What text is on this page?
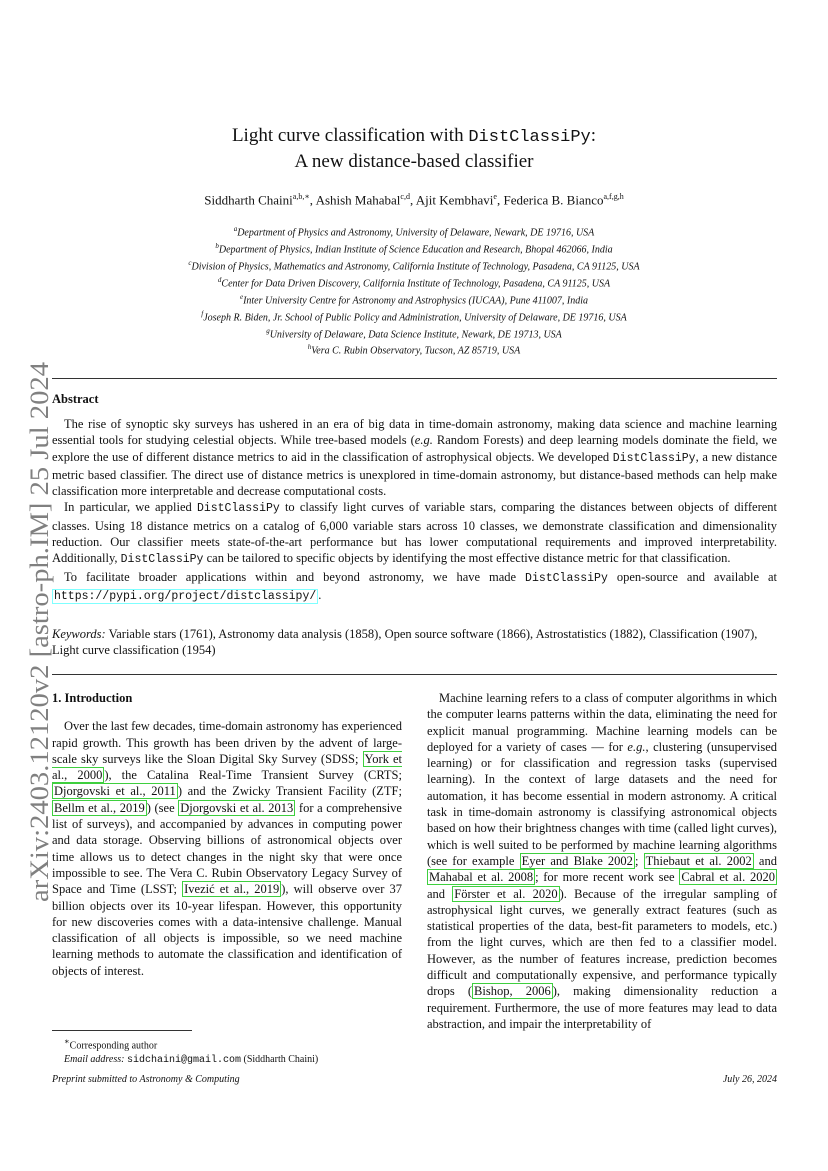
arXiv:2403.12120v2 [astro-ph.IM] 25 Jul 2024
Light curve classification with DistClassiPy:
A new distance-based classifier
Siddharth Chaini$^{a,b,∗}$, Ashish Mahabal$^{c,d}$, Ajit Kembhavi$^e$, Federica B. Bianco$^{a,f,g,h}$
$^a$Department of Physics and Astronomy, University of Delaware, Newark, DE 19716, USA
$^b$Department of Physics, Indian Institute of Science Education and Research, Bhopal 462066, India
$^c$Division of Physics, Mathematics and Astronomy, California Institute of Technology, Pasadena, CA 91125, USA
$^d$Center for Data Driven Discovery, California Institute of Technology, Pasadena, CA 91125, USA
$^e$Inter University Centre for Astronomy and Astrophysics (IUCAA), Pune 411007, India
$^f$Joseph R. Biden, Jr. School of Public Policy and Administration, University of Delaware, DE 19716, USA
$^g$University of Delaware, Data Science Institute, Newark, DE 19713, USA
$^h$Vera C. Rubin Observatory, Tucson, AZ 85719, USA
Abstract

The rise of synoptic sky surveys has ushered in an era of big data in time-domain astronomy, making data science and machine learning essential tools for studying celestial objects. While tree-based models (e.g. Random Forests) and deep learning models dominate the field, we explore the use of different distance metrics to aid in the classification of astrophysical objects. We developed DistClassiPy, a new distance metric based classifier. The direct use of distance metrics is unexplored in time-domain astronomy, but distance-based methods can help make classification more interpretable and decrease computational costs.

In particular, we applied DistClassiPy to classify light curves of variable stars, comparing the distances between objects of different classes. Using 18 distance metrics on a catalog of 6,000 variable stars across 10 classes, we demonstrate classification and dimensionality reduction. Our classifier meets state-of-the-art performance but has lower computational requirements and improved interpretability. Additionally, DistClassiPy can be tailored to specific objects by identifying the most effective distance metric for that classification.

To facilitate broader applications within and beyond astronomy, we have made DistClassiPy open-source and available at https://pypi.org/project/distclassipy/ .

Keywords: Variable stars (1761), Astronomy data analysis (1858), Open source software (1866), Astrostatistics (1882), Classification (1907), Light curve classification (1954)
1. Introduction

Over the last few decades, time-domain astronomy has experienced rapid growth. This growth has been driven by the advent of large-scale sky surveys like the Sloan Digital Sky Survey (SDSS; York et al., 2000 ), the Catalina Real-Time Transient Survey (CRTS; Djorgovski et al., 2011 ) and the Zwicky Transient Facility (ZTF; Bellm et al., 2019 ) (see Djorgovski et al. 2013 for a comprehensive list of surveys), and accompanied by advances in computing power and data storage. Observing billions of astronomical objects over time allows us to detect changes in the night sky that were once impossible to see. The Vera C. Rubin Observatory Legacy Survey of Space and Time (LSST; Ivezić et al., 2019 ), will observe over 37 billion objects over its 10-year lifespan. However, this opportunity for new discoveries comes with a data-intensive challenge. Manual classification of all objects is impossible, so we need machine learning methods to automate the classification and identification of objects of interest.

Machine learning refers to a class of computer algorithms in which the computer learns patterns within the data, eliminating the need for explicit manual programming. Machine learning models can be deployed for a variety of cases — for e.g., clustering (unsupervised learning) or for classification and regression tasks (supervised learning). In the context of large datasets and the need for automation, it has become essential in modern astronomy. A critical task in time-domain astronomy is classifying astronomical objects based on how their brightness changes with time (called light curves), which is well suited to be performed by machine learning algorithms (see for example Eyer and Blake 2002 ; Thiebaut et al. 2002 and Mahabal et al. 2008 ; for more recent work see Cabral et al. 2020 and Förster et al. 2020 ). Because of the irregular sampling of astrophysical light curves, we generally extract features (such as statistical properties of the data, best-fit parameters to models, etc.) from the light curves, which are then fed to a classifier model. However, as the number of features increase, prediction becomes difficult and computationally expensive, and performance typically drops ( Bishop, 2006 ), making dimensionality reduction a requirement. Furthermore, the use of more features may lead to data abstraction, and impair the interpretability of

∗Corresponding author
Email address: sidchaini@gmail.com (Siddharth Chaini)
Preprint submitted to Astronomy & Computing	July 26, 2024
